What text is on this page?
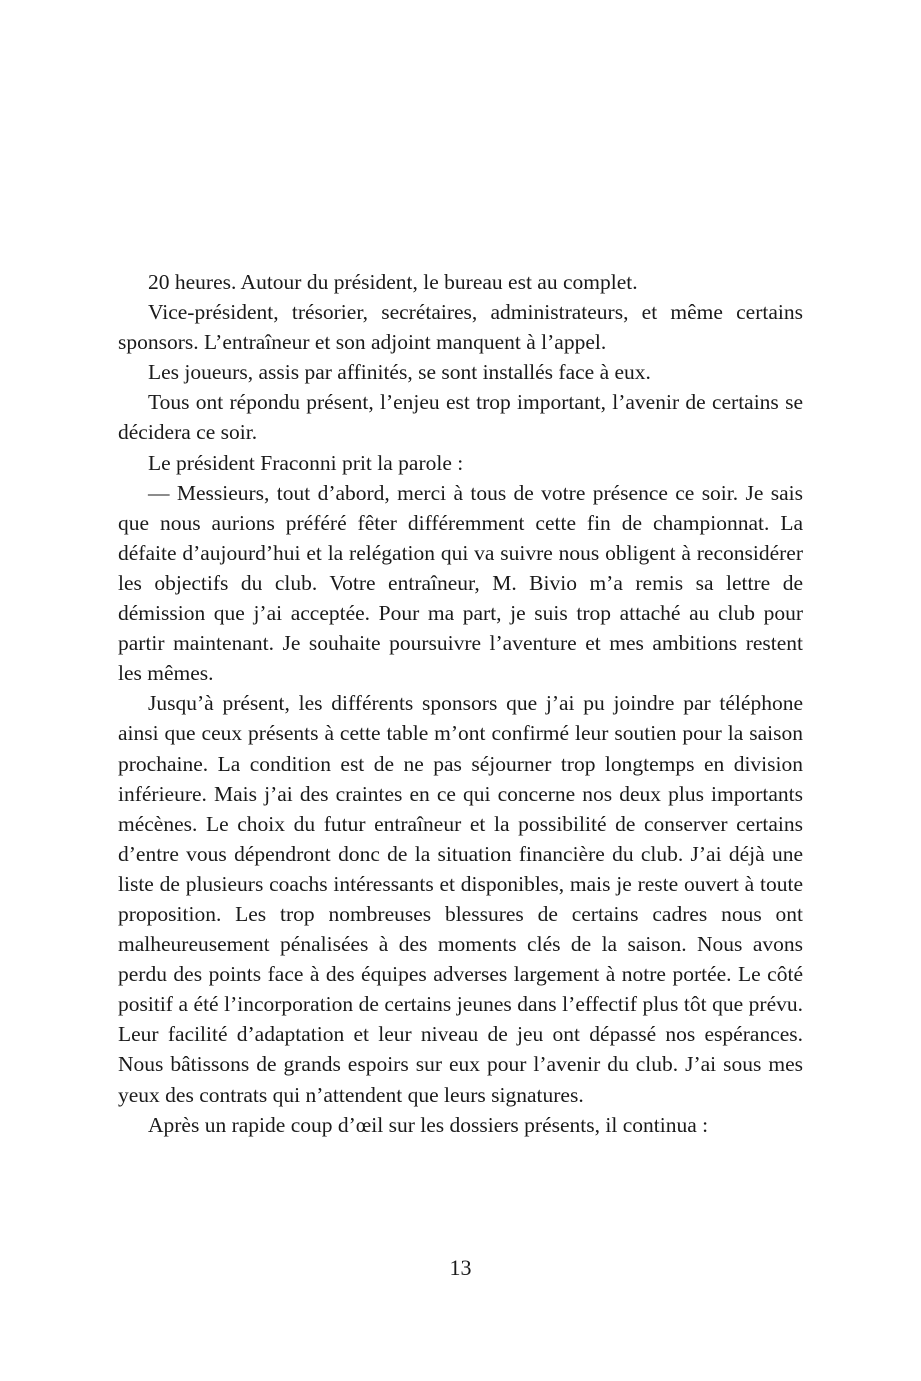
20 heures. Autour du président, le bureau est au complet.

Vice-président, trésorier, secrétaires, administrateurs, et même certains sponsors. L’entraîneur et son adjoint manquent à l’appel.

Les joueurs, assis par affinités, se sont installés face à eux.

Tous ont répondu présent, l’enjeu est trop important, l’avenir de certains se décidera ce soir.

Le président Fraconni prit la parole :

— Messieurs, tout d’abord, merci à tous de votre présence ce soir. Je sais que nous aurions préféré fêter différemment cette fin de championnat. La défaite d’aujourd’hui et la relégation qui va suivre nous obligent à reconsidérer les objectifs du club. Votre entraîneur, M. Bivio m’a remis sa lettre de démission que j’ai acceptée. Pour ma part, je suis trop attaché au club pour partir maintenant. Je souhaite poursuivre l’aventure et mes ambitions restent les mêmes.

Jusqu’à présent, les différents sponsors que j’ai pu joindre par téléphone ainsi que ceux présents à cette table m’ont confirmé leur soutien pour la saison prochaine. La condition est de ne pas séjourner trop longtemps en division inférieure. Mais j’ai des craintes en ce qui concerne nos deux plus importants mécènes. Le choix du futur entraîneur et la possibilité de conserver certains d’entre vous dépendront donc de la situation financière du club. J’ai déjà une liste de plusieurs coachs intéressants et disponibles, mais je reste ouvert à toute proposition. Les trop nombreuses blessures de certains cadres nous ont malheureusement pénalisées à des moments clés de la saison. Nous avons perdu des points face à des équipes adverses largement à notre portée. Le côté positif a été l’incorporation de certains jeunes dans l’effectif plus tôt que prévu. Leur facilité d’adaptation et leur niveau de jeu ont dépassé nos espérances. Nous bâtissons de grands espoirs sur eux pour l’avenir du club. J’ai sous mes yeux des contrats qui n’attendent que leurs signatures.

Après un rapide coup d’œil sur les dossiers présents, il continua :

13
